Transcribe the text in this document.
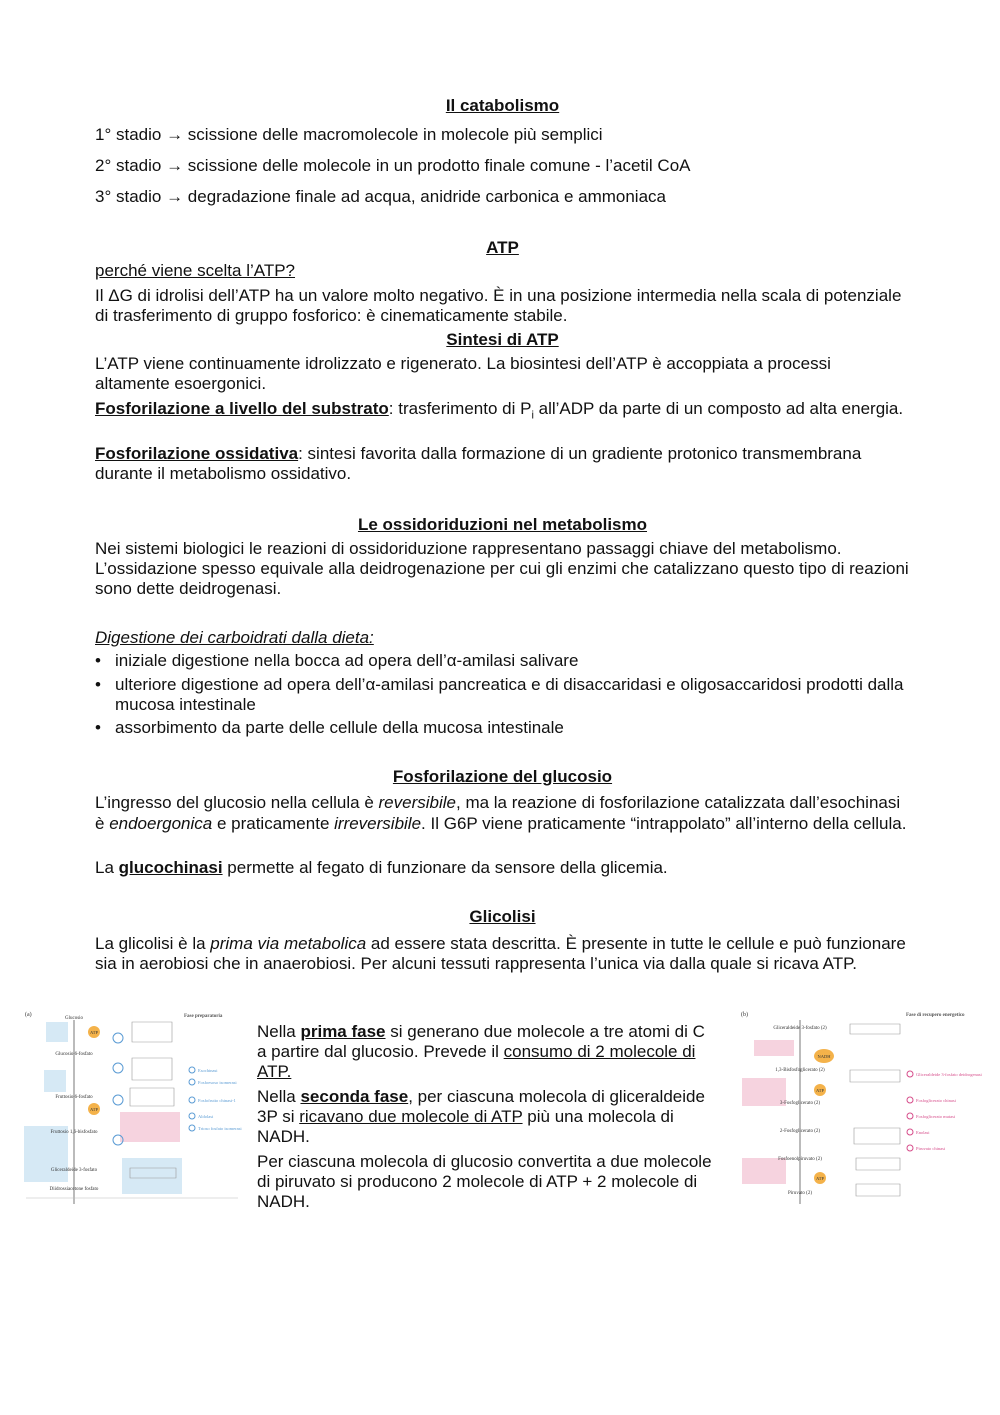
Il catabolismo
1° stadio → scissione delle macromolecole in molecole più semplici
2° stadio → scissione delle molecole in un prodotto finale comune - l’acetil CoA
3° stadio → degradazione finale ad acqua, anidride carbonica e ammoniaca
ATP
perché viene scelta l’ATP?
Il ΔG di idrolisi dell’ATP ha un valore molto negativo. È in una posizione intermedia nella scala di potenziale di trasferimento di gruppo fosforico: è cinematicamente stabile.
Sintesi di ATP
L’ATP viene continuamente idrolizzato e rigenerato. La biosintesi dell’ATP è accoppiata a processi altamente esoergonici.
Fosforilazione a livello del substrato: trasferimento di $P_i$ all’ADP da parte di un composto ad alta energia.
Fosforilazione ossidativa: sintesi favorita dalla formazione di un gradiente protonico transmembrana durante il metabolismo ossidativo.
Le ossidoriduzioni nel metabolismo
Nei sistemi biologici le reazioni di ossidoriduzione rappresentano passaggi chiave del metabolismo. L’ossidazione spesso equivale alla deidrogenazione per cui gli enzimi che catalizzano questo tipo di reazioni sono dette deidrogenasi.
Digestione dei carboidrati dalla dieta:
• iniziale digestione nella bocca ad opera dell’α-amilasi salivare
• ulteriore digestione ad opera dell’α-amilasi pancreatica e di disaccaridasi e oligosaccaridosi prodotti dalla mucosa intestinale
• assorbimento da parte delle cellule della mucosa intestinale
Fosforilazione del glucosio
L’ingresso del glucosio nella cellula è reversibile, ma la reazione di fosforilazione catalizzata dall’esochinasi è endoergonica e praticamente irreversibile. Il G6P viene praticamente “intrappolato” all’interno della cellula.
La glucochinasi permette al fegato di funzionare da sensore della glicemia.
Glicolisi
La glicolisi è la prima via metabolica ad essere stata descritta. È presente in tutte le cellule e può funzionare sia in aerobiosi che in anaerobiosi. Per alcuni tessuti rappresenta l’unica via dalla quale si ricava ATP.
Nella prima fase si generano due molecole a tre atomi di C a partire dal glucosio. Prevede il consumo di 2 molecole di ATP.
Nella seconda fase, per ciascuna molecola di gliceraldeide 3P si ricavano due molecole di ATP più una molecola di NADH.
Per ciascuna molecola di glucosio convertita a due molecole di piruvato si producono 2 molecole di ATP + 2 molecole di NADH.
(a)	Fase preparatoria
Glucosio
Glucosio 6-fosfato
Fruttosio 6-fosfato
Fruttosio 1,6-bisfosfato
Gliceraldeide 3-fosfato
Diidrossiacetone fosfato
ATP
ATP
Esochinasi
Fosfoesoso isomerasi
Fosfofrutto chinasi-1
Aldolasi
Trioso fosfato isomerasi
(b)	Fase di recupero energetico
Gliceraldeide 3-fosfato (2)
1,3-Bisfosfoglicerato (2)
3-Fosfoglicerato (2)
2-Fosfoglicerato (2)
Fosfoenolpiruvato (2)
Piruvato (2)
NADH
ATP
ATP
Gliceraldeide 3-fosfato deidrogenasi
Fosfoglicerato chinasi
Fosfoglicerato mutasi
Enolasi
Piruvato chinasi
